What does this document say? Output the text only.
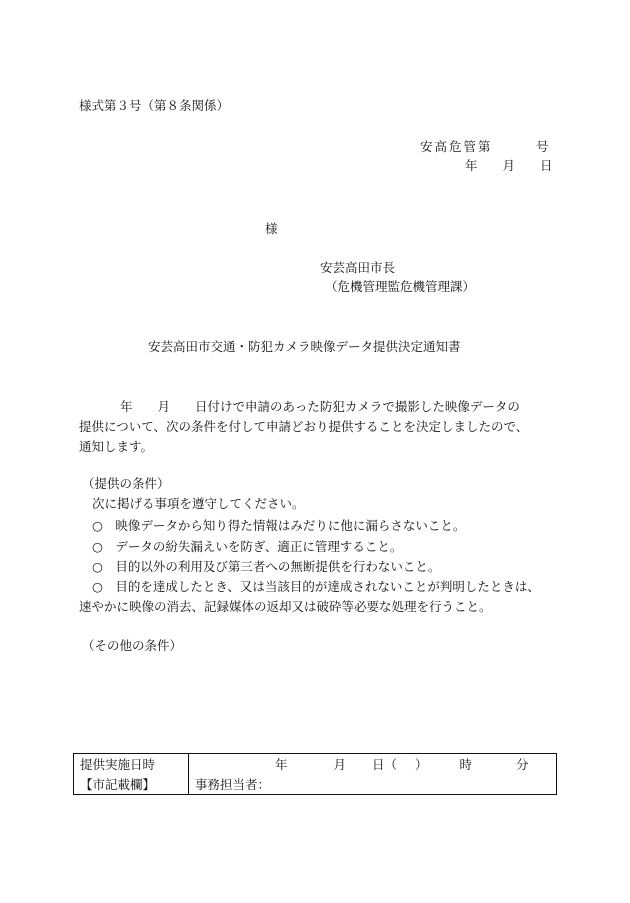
様式第３号（第８条関係）
安高危管第　　　号
年　　月　　日
様
安芸高田市長
（危機管理監危機管理課）
安芸高田市交通・防犯カメラ映像データ提供決定通知書
年　　月　　日付けで申請のあった防犯カメラで撮影した映像データの
提供について、次の条件を付して申請どおり提供することを決定しましたので、
通知します。
（提供の条件）
次に掲げる事項を遵守してください。
○　映像データから知り得た情報はみだりに他に漏らさないこと。
○　データの紛失漏えいを防ぎ、適正に管理すること。
○　目的以外の利用及び第三者への無断提供を行わないこと。
○　目的を達成したとき、又は当該目的が達成されないことが判明したときは、
速やかに映像の消去、記録媒体の返却又は破砕等必要な処理を行うこと。
（その他の条件）
提供実施日時	年 月 日（ ） 時 分
【市記載欄】	事務担当者：
